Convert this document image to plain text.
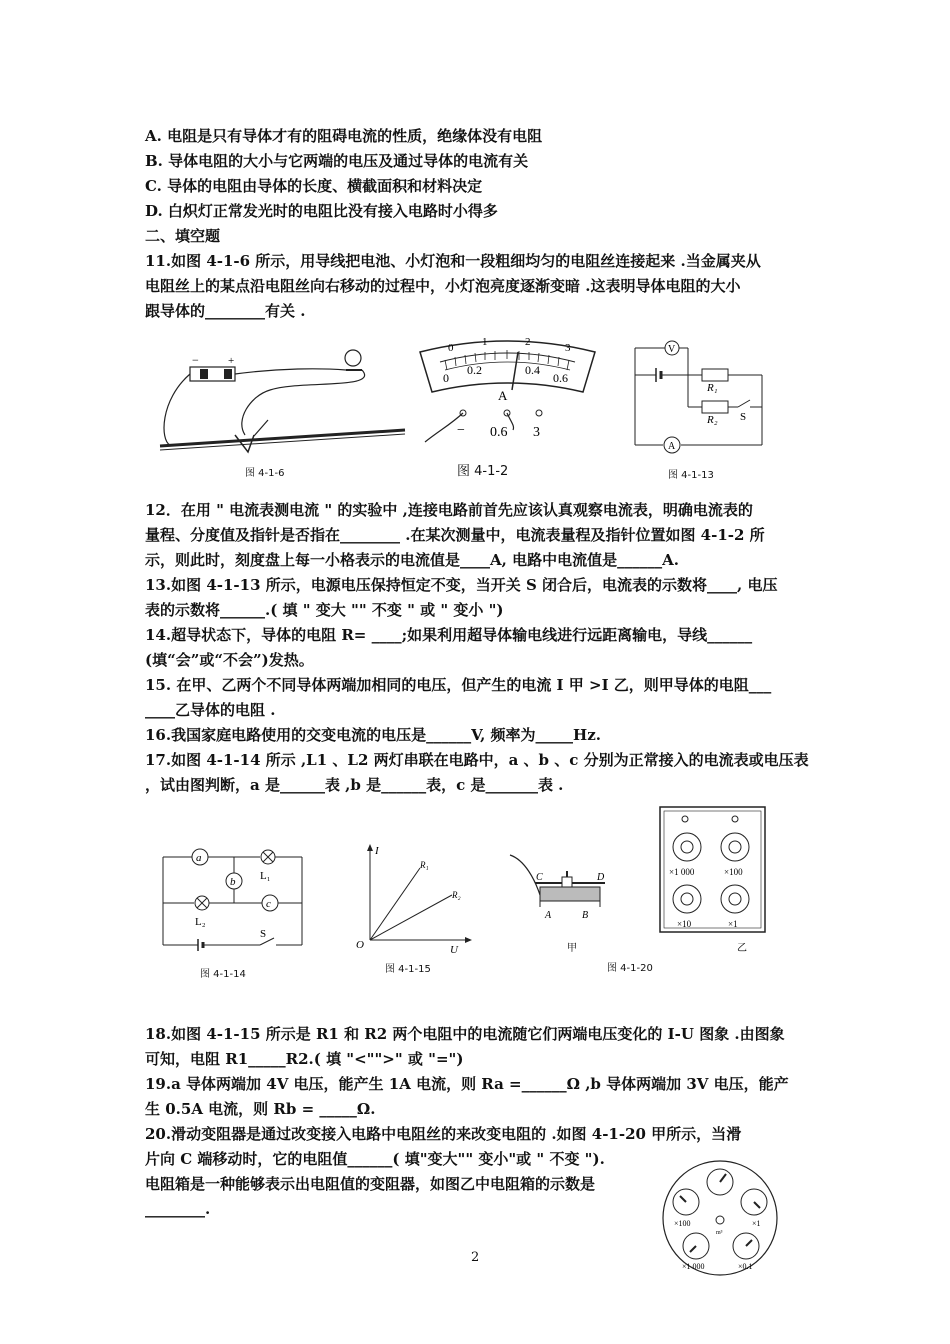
A. 电阻是只有导体才有的阻碍电流的性质，绝缘体没有电阻
B. 导体电阻的大小与它两端的电压及通过导体的电流有关
C. 导体的电阻由导体的长度、横截面积和材料决定
D. 白炽灯正常发光时的电阻比没有接入电路时小得多
二、填空题
11.如图 4-1-6 所示，用导线把电池、小灯泡和一段粗细均匀的电阻丝连接起来 .当金属夹从
电阻丝上的某点沿电阻丝向右移动的过程中，小灯泡亮度逐渐变暗 .这表明导体电阻的大小
跟导体的________有关 .
12．在用 " 电流表测电流 " 的实验中 ,连接电路前首先应该认真观察电流表，明确电流表的
量程、分度值及指针是否指在________ .在某次测量中，电流表量程及指针位置如图 4-1-2 所
示，则此时，刻度盘上每一小格表示的电流值是____A, 电路中电流值是______A.
13.如图 4-1-13 所示，电源电压保持恒定不变，当开关 S 闭合后，电流表的示数将____, 电压
表的示数将______.( 填 " 变大 "" 不变 " 或 " 变小 ")
14.超导状态下，导体的电阻 R= ____;如果利用超导体输电线进行远距离输电，导线______
(填“会”或“不会”)发热。
15. 在甲、乙两个不同导体两端加相同的电压，但产生的电流 I 甲 >I 乙，则甲导体的电阻___
____乙导体的电阻 .
16.我国家庭电路使用的交变电流的电压是______V, 频率为_____Hz.
17.如图 4-1-14 所示 ,L1 、L2 两灯串联在电路中，a 、b 、c 分别为正常接入的电流表或电压表
，试由图判断，a 是______表 ,b 是______表，c 是_______表 .
18.如图 4-1-15 所示是 R1 和 R2 两个电阻中的电流随它们两端电压变化的 I-U 图象 .由图象
可知，电阻 R1_____R2.( 填 "<"">" 或 "=")
19.a 导体两端加 4V 电压，能产生 1A 电流，则 Ra =______Ω ,b 导体两端加 3V 电压，能产
生 0.5A 电流，则 Rb = _____Ω.
20.滑动变阻器是通过改变接入电路中电阻丝的来改变电阻的 .如图 4-1-20 甲所示，当滑
片向 C 端移动时，它的电阻值______( 填"变大"" 变小"或 " 不变 ").
电阻箱是一种能够表示出电阻值的变阻器，如图乙中电阻箱的示数是
________.
−	+
图 4-1-6
0	1	2	3
0
0.2	0.4
0.6
A
− 0.6 3
图 4-1-2
V
A
R₁
R₂ S
图 4-1-13
a
b
c
L₁
L₂
S
图 4-1-14
I
U
O
R₁
R₂
图 4-1-15
C	D
A	B
甲
×1 000	×100
×10	×1
乙
图 4-1-20
×100	×1
m³
×1 000	×0.1
2
